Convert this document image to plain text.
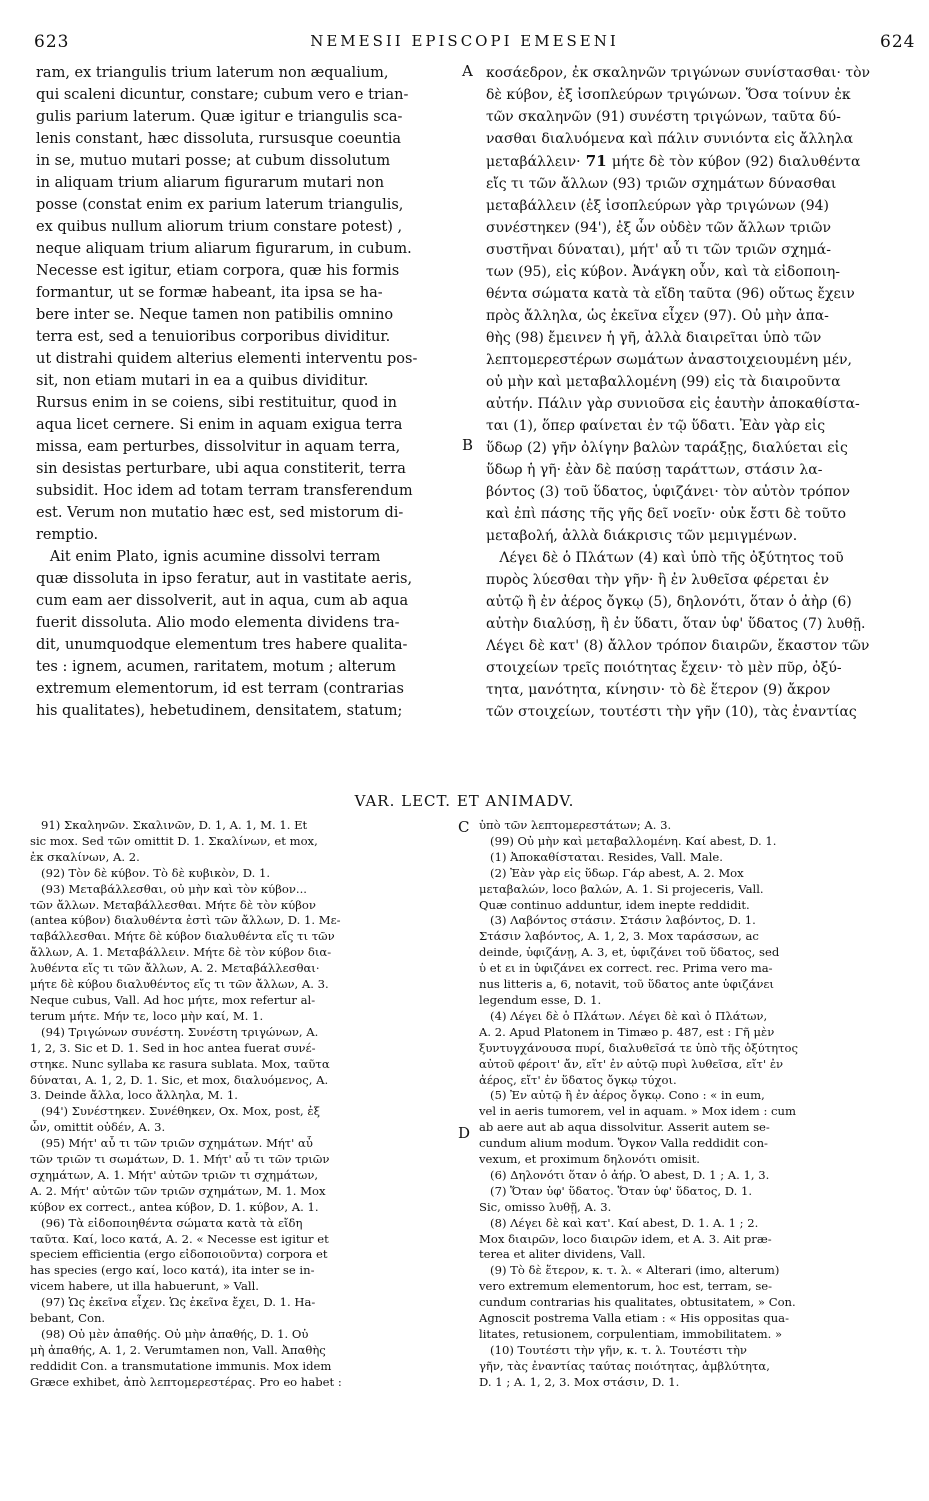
623	NEMESII EPISCOPI EMESENI	624
A
B
C
D
ram, ex triangulis trium laterum non æqualium,
qui scaleni dicuntur, constare; cubum vero e trian-
gulis parium laterum. Quæ igitur e triangulis sca-
lenis constant, hæc dissoluta, rursusque coeuntia
in se, mutuo mutari posse; at cubum dissolutum
in aliquam trium aliarum figurarum mutari non
posse (constat enim ex parium laterum triangulis,
ex quibus nullum aliorum trium constare potest) ,
neque aliquam trium aliarum figurarum, in cubum.
Necesse est igitur, etiam corpora, quæ his formis
formantur, ut se formæ habeant, ita ipsa se ha-
bere inter se. Neque tamen non patibilis omnino
terra est, sed a tenuioribus corporibus dividitur.
ut distrahi quidem alterius elementi interventu pos-
sit, non etiam mutari in ea a quibus dividitur.
Rursus enim in se coiens, sibi restituitur, quod in
aqua licet cernere. Si enim in aquam exigua terra
missa, eam perturbes, dissolvitur in aquam terra,
sin desistas perturbare, ubi aqua constiterit, terra
subsidit. Hoc idem ad totam terram transferendum
est. Verum non mutatio hæc est, sed mistorum di-
remptio.
Ait enim Plato, ignis acumine dissolvi terram
quæ dissoluta in ipso feratur, aut in vastitate aeris,
cum eam aer dissolverit, aut in aqua, cum ab aqua
fuerit dissoluta. Alio modo elementa dividens tra-
dit, unumquodque elementum tres habere qualita-
tes : ignem, acumen, raritatem, motum ; alterum
extremum elementorum, id est terram (contrarias
his qualitates), hebetudinem, densitatem, statum;
κοσάεδρον, ἐκ σκαληνῶν τριγώνων συνίστασθαι· τὸν
δὲ κύβον, ἐξ ἰσοπλεύρων τριγώνων. Ὅσα τοίνυν ἐκ
τῶν σκαληνῶν (91) συνέστη τριγώνων, ταῦτα δύ-
νασθαι διαλυόμενα καὶ πάλιν συνιόντα εἰς ἄλληλα
μεταβάλλειν· 71 μήτε δὲ τὸν κύβον (92) διαλυθέντα
εἴς τι τῶν ἄλλων (93) τριῶν σχημάτων δύνασθαι
μεταβάλλειν (ἐξ ἰσοπλεύρων γὰρ τριγώνων (94)
συνέστηκεν (94'), ἐξ ὧν οὐδὲν τῶν ἄλλων τριῶν
συστῆναι δύναται), μήτ' αὖ τι τῶν τριῶν σχημά-
των (95), εἰς κύβον. Ἀνάγκη οὖν, καὶ τὰ εἰδοποιη-
θέντα σώματα κατὰ τὰ εἴδη ταῦτα (96) οὕτως ἔχειν
πρὸς ἄλληλα, ὡς ἐκεῖνα εἶχεν (97). Οὐ μὴν ἀπα-
θὴς (98) ἔμεινεν ἡ γῆ, ἀλλὰ διαιρεῖται ὑπὸ τῶν
λεπτομερεστέρων σωμάτων ἀναστοιχειουμένη μέν,
οὐ μὴν καὶ μεταβαλλομένη (99) εἰς τὰ διαιροῦντα
αὐτήν. Πάλιν γὰρ συνιοῦσα εἰς ἑαυτὴν ἀποκαθίστα-
ται (1), ὅπερ φαίνεται ἐν τῷ ὕδατι. Ἐὰν γὰρ εἰς
ὕδωρ (2) γῆν ὀλίγην βαλὼν ταράξῃς, διαλύεται εἰς
ὕδωρ ἡ γῆ· ἐὰν δὲ παύσῃ ταράττων, στάσιν λα-
βόντος (3) τοῦ ὕδατος, ὑφιζάνει· τὸν αὐτὸν τρόπον
καὶ ἐπὶ πάσης τῆς γῆς δεῖ νοεῖν· οὐκ ἔστι δὲ τοῦτο
μεταβολή, ἀλλὰ διάκρισις τῶν μεμιγμένων.
Λέγει δὲ ὁ Πλάτων (4) καὶ ὑπὸ τῆς ὀξύτητος τοῦ
πυρὸς λύεσθαι τὴν γῆν· ἢ ἐν λυθεῖσα φέρεται ἐν
αὐτῷ ἢ ἐν ἀέρος ὄγκῳ (5), δηλονότι, ὅταν ὁ ἀὴρ (6)
αὐτὴν διαλύσῃ, ἢ ἐν ὕδατι, ὅταν ὑφ' ὕδατος (7) λυθῇ.
Λέγει δὲ κατ' (8) ἄλλον τρόπον διαιρῶν, ἕκαστον τῶν
στοιχείων τρεῖς ποιότητας ἔχειν· τὸ μὲν πῦρ, ὀξύ-
τητα, μανότητα, κίνησιν· τὸ δὲ ἕτερον (9) ἄκρον
τῶν στοιχείων, τουτέστι τὴν γῆν (10), τὰς ἐναντίας
VAR. LECT. ET ANIMADV.
91) Σκαληνῶν. Σκαλινῶν, D. 1, A. 1, M. 1. Et
sic mox. Sed τῶν omittit D. 1. Σκαλίνων, et mox,
ἐκ σκαλίνων, A. 2.
(92) Τὸν δὲ κύβον. Τὸ δὲ κυβικὸν, D. 1.
(93) Μεταβάλλεσθαι, οὐ μὴν καὶ τὸν κύβον...
τῶν ἄλλων. Μεταβάλλεσθαι. Μήτε δὲ τὸν κύβον
(antea κύβον) διαλυθέντα ἐστὶ τῶν ἄλλων, D. 1. Με-
ταβάλλεσθαι. Μήτε δὲ κύβον διαλυθέντα εἴς τι τῶν
ἄλλων, A. 1. Μεταβάλλειν. Μήτε δὲ τὸν κύβον δια-
λυθέντα εἴς τι τῶν ἄλλων, A. 2. Μεταβάλλεσθαι·
μήτε δὲ κύβου διαλυθέντος εἴς τι τῶν ἄλλων, A. 3.
Neque cubus, Vall. Ad hoc μήτε, mox refertur al-
terum μήτε. Μήν τε, loco μὴν καί, M. 1.
(94) Τριγώνων συνέστη. Συνέστη τριγώνων, A.
1, 2, 3. Sic et D. 1. Sed in hoc antea fuerat συνέ-
στηκε. Nunc syllaba κε rasura sublata. Mox, ταῦτα
δύναται, A. 1, 2, D. 1. Sic, et mox, διαλυόμενος, A.
3. Deinde ἄλλα, loco ἄλληλα, M. 1.
(94') Συνέστηκεν. Συνέθηκεν, Ox. Mox, post, ἐξ
ὧν, omittit οὐδέν, A. 3.
(95) Μήτ' αὖ τι τῶν τριῶν σχημάτων. Μήτ' αὖ
τῶν τριῶν τι σωμάτων, D. 1. Μήτ' αὖ τι τῶν τριῶν
σχημάτων, A. 1. Μήτ' αὐτῶν τριῶν τι σχημάτων,
A. 2. Μήτ' αὐτῶν τῶν τριῶν σχημάτων, M. 1. Mox
κύβον ex correct., antea κύβον, D. 1. κύβον, A. 1.
(96) Τὰ εἰδοποιηθέντα σώματα κατὰ τὰ εἴδη
ταῦτα. Καί, loco κατά, A. 2. « Necesse est igitur et
speciem efficientia (ergo εἰδοποιοῦντα) corpora et
has species (ergo καί, loco κατά), ita inter se in-
vicem habere, ut illa habuerunt, » Vall.
(97) Ὡς ἐκεῖνα εἶχεν. Ὡς ἐκεῖνα ἔχει, D. 1. Ha-
bebant, Con.
(98) Οὐ μὲν ἀπαθής. Οὐ μὴν ἀπαθής, D. 1. Οὐ
μὴ ἀπαθής, A. 1, 2. Verumtamen non, Vall. Ἀπαθὴς
reddidit Con. a transmutatione immunis. Mox idem
Græce exhibet, ἀπὸ λεπτομερεστέρας. Pro eo habet :
ὑπὸ τῶν λεπτομερεστάτων; A. 3.
(99) Οὐ μὴν καὶ μεταβαλλομένη. Καί abest, D. 1.
(1) Ἀποκαθίσταται. Resides, Vall. Male.
(2) Ἐὰν γὰρ εἰς ὕδωρ. Γάρ abest, A. 2. Mox
μεταβαλών, loco βαλών, A. 1. Si projeceris, Vall.
Quæ continuo adduntur, idem inepte reddidit.
(3) Λαβόντος στάσιν. Στάσιν λαβόντος, D. 1.
Στάσιν λαβόντος, A. 1, 2, 3. Mox ταράσσων, ac
deinde, ὑφιζάνῃ, A. 3, et, ὑφιζάνει τοῦ ὕδατος, sed
ὑ et ει in ὑφιζάνει ex correct. rec. Prima vero ma-
nus litteris a, 6, notavit, τοῦ ὕδατος ante ὑφιζάνει
legendum esse, D. 1.
(4) Λέγει δὲ ὁ Πλάτων. Λέγει δὲ καὶ ὁ Πλάτων,
A. 2. Apud Platonem in Timæo p. 487, est : Γῆ μὲν
ξυντυγχάνουσα πυρί, διαλυθεῖσά τε ὑπὸ τῆς ὀξύτητος
αὐτοῦ φέροιτ' ἄν, εἴτ' ἐν αὐτῷ πυρὶ λυθεῖσα, εἴτ' ἐν
ἀέρος, εἴτ' ἐν ὕδατος ὄγκῳ τύχοι.
(5) Ἐν αὐτῷ ἢ ἐν ἀέρος ὄγκῳ. Cono : « in eum,
vel in aeris tumorem, vel in aquam. » Mox idem : cum
ab aere aut ab aqua dissolvitur. Asserit autem se-
cundum alium modum. Ὄγκον Valla reddidit con-
vexum, et proximum δηλονότι omisit.
(6) Δηλονότι ὅταν ὁ ἀήρ. Ὁ abest, D. 1 ; A. 1, 3.
(7) Ὅταν ὑφ' ὕδατος. Ὅταν ὑφ' ὕδατος, D. 1.
Sic, omisso λυθῇ, A. 3.
(8) Λέγει δὲ καὶ κατ'. Καί abest, D. 1. A. 1 ; 2.
Mox διαιρῶν, loco διαιρῶν idem, et A. 3. Ait præ-
terea et aliter dividens, Vall.
(9) Τὸ δὲ ἕτερον, κ. τ. λ. « Alterari (imo, alterum)
vero extremum elementorum, hoc est, terram, se-
cundum contrarias his qualitates, obtusitatem, » Con.
Agnoscit postrema Valla etiam : « His oppositas qua-
litates, retusionem, corpulentiam, immobilitatem. »
(10) Τουτέστι τὴν γῆν, κ. τ. λ. Τουτέστι τὴν
γῆν, τὰς ἐναντίας ταύτας ποιότητας, ἀμβλύτητα,
D. 1 ; A. 1, 2, 3. Mox στάσιν, D. 1.
